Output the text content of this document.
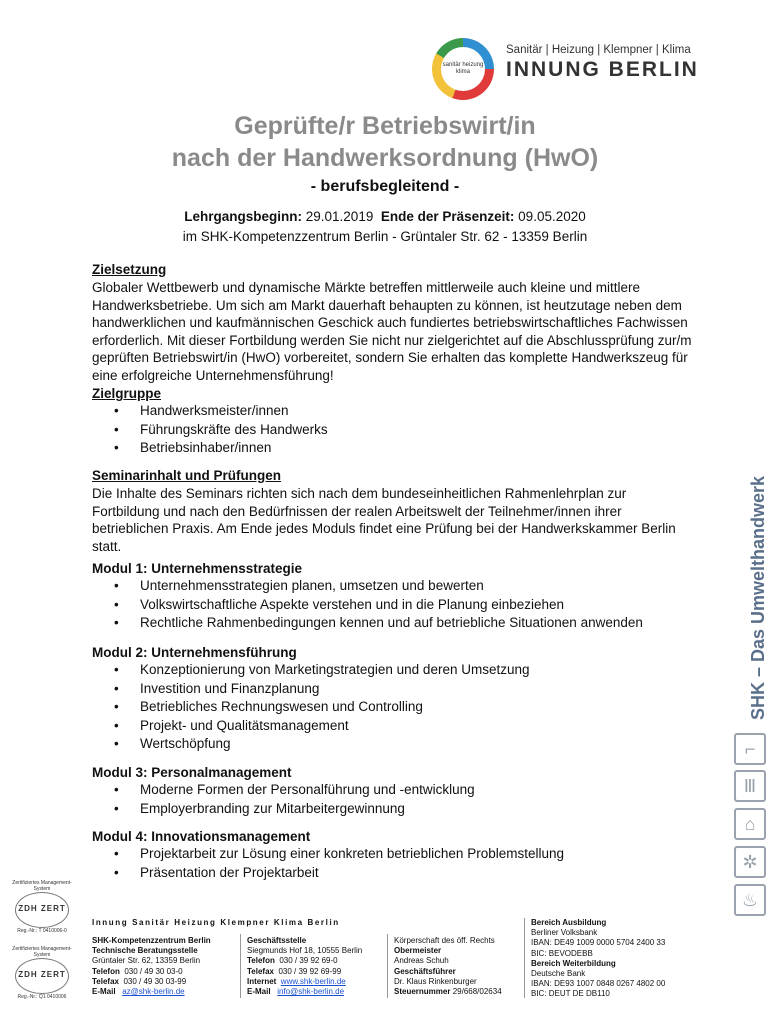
sanitär heizung klima
Sanitär | Heizung | Klempner | Klima
INNUNG BERLIN
Geprüfte/r Betriebswirt/in
nach der Handwerksordnung (HwO)
- berufsbegleitend -
Lehrgangsbeginn: 29.01.2019 Ende der Präsenzeit: 09.05.2020
im SHK-Kompetenzzentrum Berlin - Grüntaler Str. 62 - 13359 Berlin
Zielsetzung
Globaler Wettbewerb und dynamische Märkte betreffen mittlerweile auch kleine und mittlere Handwerksbetriebe. Um sich am Markt dauerhaft behaupten zu können, ist heutzutage neben dem handwerklichen und kaufmännischen Geschick auch fundiertes betriebswirtschaftliches Fachwissen erforderlich. Mit dieser Fortbildung werden Sie nicht nur zielgerichtet auf die Abschlussprüfung zur/m geprüften Betriebswirt/in (HwO) vorbereitet, sondern Sie erhalten das komplette Handwerkszeug für eine erfolgreiche Unternehmensführung!
Zielgruppe
• Handwerksmeister/innen
• Führungskräfte des Handwerks
• Betriebsinhaber/innen
Seminarinhalt und Prüfungen
Die Inhalte des Seminars richten sich nach dem bundeseinheitlichen Rahmenlehrplan zur Fortbildung und nach den Bedürfnissen der realen Arbeitswelt der Teilnehmer/innen ihrer betrieblichen Praxis. Am Ende jedes Moduls findet eine Prüfung bei der Handwerkskammer Berlin statt.
Modul 1: Unternehmensstrategie
• Unternehmensstrategien planen, umsetzen und bewerten
• Volkswirtschaftliche Aspekte verstehen und in die Planung einbeziehen
• Rechtliche Rahmenbedingungen kennen und auf betriebliche Situationen anwenden
Modul 2: Unternehmensführung
• Konzeptionierung von Marketingstrategien und deren Umsetzung
• Investition und Finanzplanung
• Betriebliches Rechnungswesen und Controlling
• Projekt- und Qualitätsmanagement
• Wertschöpfung
Modul 3: Personalmanagement
• Moderne Formen der Personalführung und -entwicklung
• Employerbranding zur Mitarbeitergewinnung
Modul 4: Innovationsmanagement
• Projektarbeit zur Lösung einer konkreten betrieblichen Problemstellung
• Präsentation der Projektarbeit
SHK – Das Umwelthandwerk
⌐
Ⅲ
⌂
✲
♨
Zertifiziertes Management-System
ZDH ZERT
Reg.-Nr.: T 0410006-0
Zertifiziertes Management-System
ZDH ZERT
Reg.-Nr.: Q1 0410006
Innung Sanitär Heizung Klempner Klima Berlin
SHK-Kompetenzzentrum Berlin
Technische Beratungsstelle
Grüntaler Str. 62, 13359 Berlin
Telefon 030 / 49 30 03-0
Telefax 030 / 49 30 03-99
E-Mail az@shk-berlin.de
Geschäftsstelle
Siegmunds Hof 18, 10555 Berlin
Telefon 030 / 39 92 69-0
Telefax 030 / 39 92 69-99
Internet www.shk-berlin.de
E-Mail info@shk-berlin.de
Körperschaft des öff. Rechts
Obermeister
Andreas Schuh
Geschäftsführer
Dr. Klaus Rinkenburger
Steuernummer 29/668/02634
Bereich Ausbildung
Berliner Volksbank
IBAN: DE49 1009 0000 5704 2400 33
BIC: BEVODEBB
Bereich Weiterbildung
Deutsche Bank
IBAN: DE93 1007 0848 0267 4802 00
BIC: DEUT DE DB110
